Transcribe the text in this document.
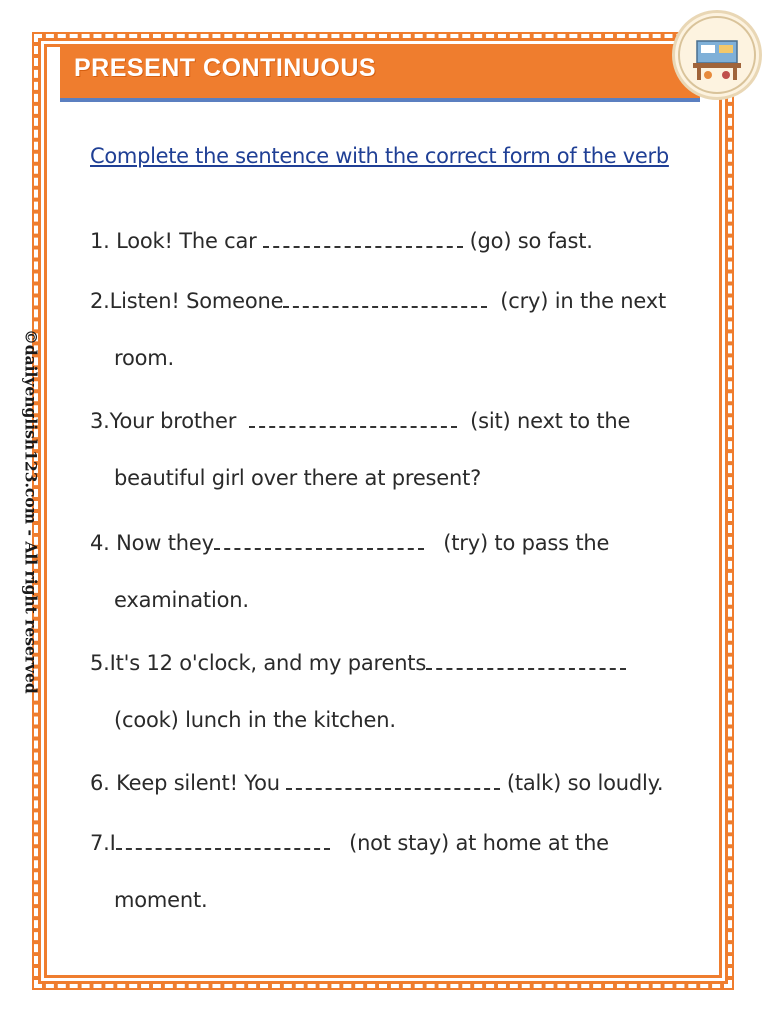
PRESENT CONTINUOUS
Complete the sentence with the correct form of the verb
1. Look! The car	(go) so fast.
2.Listen! Someone	(cry) in the next
room.
3.Your brother	(sit) next to the
beautiful girl over there at present?
4. Now they	(try) to pass the
examination.
5.It's 12 o'clock, and my parents
(cook) lunch in the kitchen.
6. Keep silent! You	(talk) so loudly.
7.I	(not stay) at home at the
moment.
©dailyenglish123.com - All right reserved
